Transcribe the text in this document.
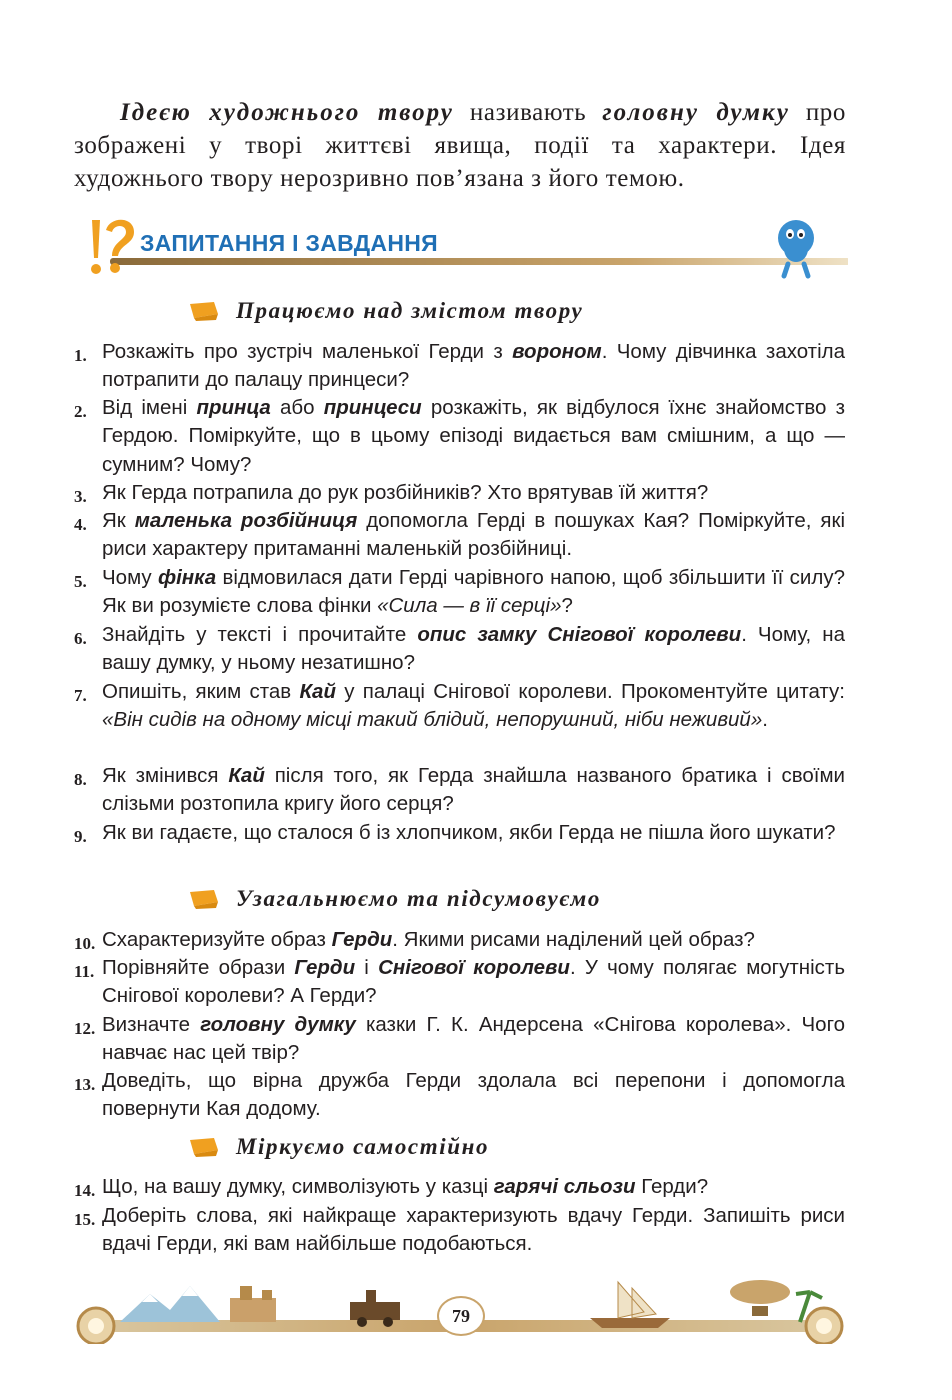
Ідеєю художнього твору називають головну думку про зображені у творі життєві явища, події та характери. Ідея художнього твору нерозривно пов’язана з його темою.

ЗАПИТАННЯ І ЗАВДАННЯ
Працюємо над змістом твору
1. Розкажіть про зустріч маленької Герди з вороном. Чому дівчинка захотіла потрапити до палацу принцеси?
2. Від імені принца або принцеси розкажіть, як відбулося їхнє знайомство з Гердою. Поміркуйте, що в цьому епізоді видається вам смішним, а що — сумним? Чому?
3. Як Герда потрапила до рук розбійників? Хто врятував їй життя?
4. Як маленька розбійниця допомогла Герді в пошуках Кая? Поміркуйте, які риси характеру притаманні маленькій розбійниці.
5. Чому фінка відмовилася дати Герді чарівного напою, щоб збільшити її силу? Як ви розумієте слова фінки «Сила — в її серці»?
6. Знайдіть у тексті і прочитайте опис замку Снігової королеви. Чому, на вашу думку, у ньому незатишно?
7. Опишіть, яким став Кай у палаці Снігової королеви. Прокоментуйте цитату: «Він сидів на одному місці такий блідий, непорушний, ніби неживий».
8. Як змінився Кай після того, як Герда знайшла названого братика і своїми слізьми розтопила кригу його серця?
9. Як ви гадаєте, що сталося б із хлопчиком, якби Герда не пішла його шукати?
Узагальнюємо та підсумовуємо
10. Схарактеризуйте образ Герди. Якими рисами наділений цей образ?
11. Порівняйте образи Герди і Снігової королеви. У чому полягає могутність Снігової королеви? А Герди?
12. Визначте головну думку казки Г. К. Андерсена «Снігова королева». Чого навчає нас цей твір?
13. Доведіть, що вірна дружба Герди здолала всі перепони і допомогла повернути Кая додому.
Міркуємо самостійно
14. Що, на вашу думку, символізують у казці гарячі сльози Герди?
15. Доберіть слова, які найкраще характеризують вдачу Герди. Запишіть риси вдачі Герди, які вам найбільше подобаються.
79
